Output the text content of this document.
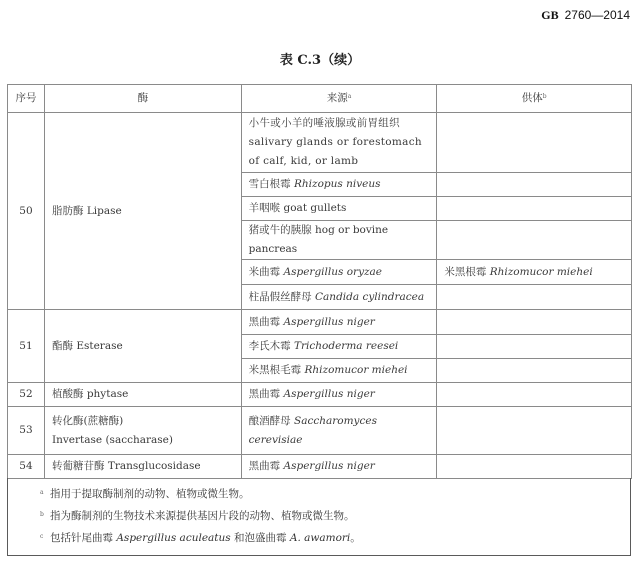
GB 2760—2014
表 C.3（续）
序号	酶	来源$^a$	供体$^b$
50	脂肪酶 Lipase	小牛或小羊的唾液腺或前胃组织
salivary glands or forestomach of calf, kid, or lamb	
		雪白根霉 Rhizopus niveus	
		羊咽喉 goat gullets	
		猪或牛的胰腺 hog or bovine pancreas	
		米曲霉 Aspergillus oryzae	米黑根霉 Rhizomucor miehei
		柱晶假丝酵母 Candida cylindracea	
51	酯酶 Esterase	黑曲霉 Aspergillus niger	
		李氏木霉 Trichoderma reesei	
		米黑根毛霉 Rhizomucor miehei	
52	植酸酶 phytase	黑曲霉 Aspergillus niger	
53	转化酶(蔗糖酶)
Invertase (saccharase)	酿酒酵母 Saccharomyces cerevisiae	
54	转葡糖苷酶 Transglucosidase	黑曲霉 Aspergillus niger	
a 指用于提取酶制剂的动物、植物或微生物。
b 指为酶制剂的生物技术来源提供基因片段的动物、植物或微生物。
c 包括针尾曲霉 Aspergillus aculeatus 和泡盛曲霉 A. awamori。
